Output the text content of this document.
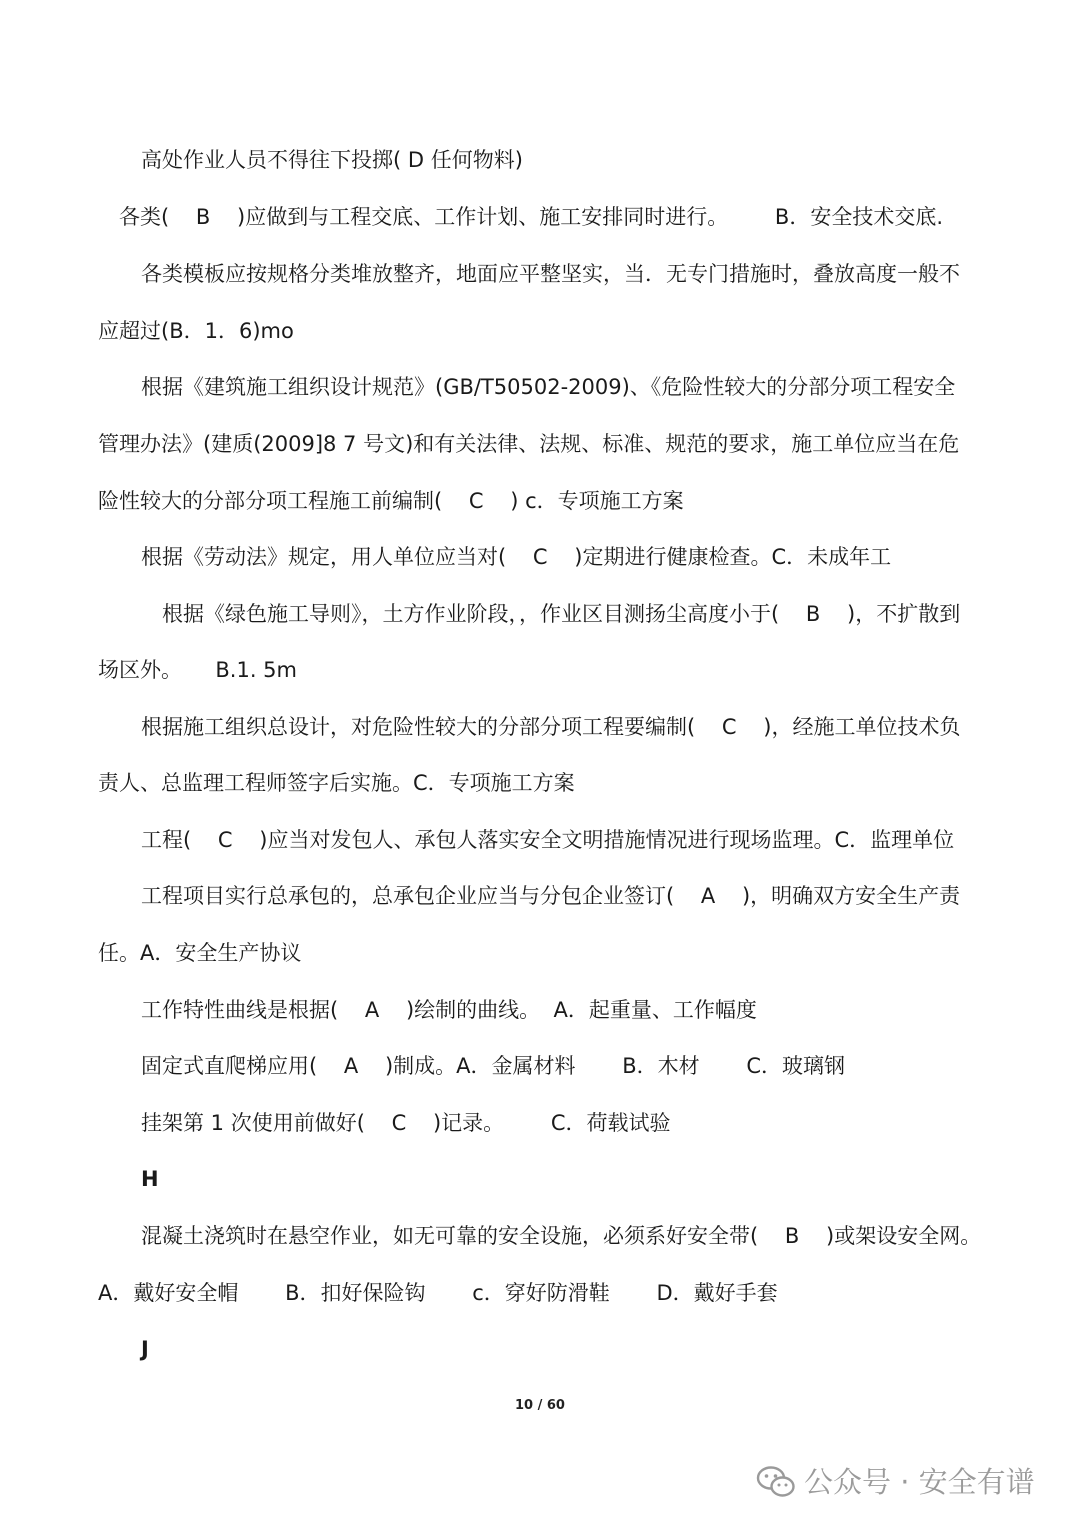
高处作业人员不得往下投掷( D 任何物料)
各类(    B    )应做到与工程交底、工作计划、施工安排同时进行。       B．安全技术交底.
各类模板应按规格分类堆放整齐，地面应平整坚实，当．无专门措施时，叠放高度一般不
应超过(B．1．6)mo
根据《建筑施工组织设计规范》(GB/T50502-2009)、《危险性较大的分部分项工程安全
管理办法》(建质(2009]8 7 号文)和有关法律、法规、标准、规范的要求，施工单位应当在危
险性较大的分部分项工程施工前编制(    C    ) c．专项施工方案
根据《劳动法》规定，用人单位应当对(    C    )定期进行健康检查。C．未成年工
根据《绿色施工导则》，土方作业阶段，，作业区目测扬尘高度小于(    B    )，不扩散到
场区外。     B.1. 5m
根据施工组织总设计，对危险性较大的分部分项工程要编制(    C    )，经施工单位技术负
责人、总监理工程师签字后实施。C．专项施工方案
工程(    C    )应当对发包人、承包人落实安全文明措施情况进行现场监理。C．监理单位
工程项目实行总承包的，总承包企业应当与分包企业签订(    A    )，明确双方安全生产责
任。A．安全生产协议
工作特性曲线是根据(    A    )绘制的曲线。  A．起重量、工作幅度
固定式直爬梯应用(    A    )制成。A．金属材料       B．木材       C．玻璃钢
挂架第 1 次使用前做好(    C    )记录。       C．荷载试验
H
混凝土浇筑时在悬空作业，如无可靠的安全设施，必须系好安全带(    B    )或架设安全网。
A．戴好安全帽       B．扣好保险钩       c．穿好防滑鞋       D．戴好手套
J
10 / 60
公众号 · 安全有谱
